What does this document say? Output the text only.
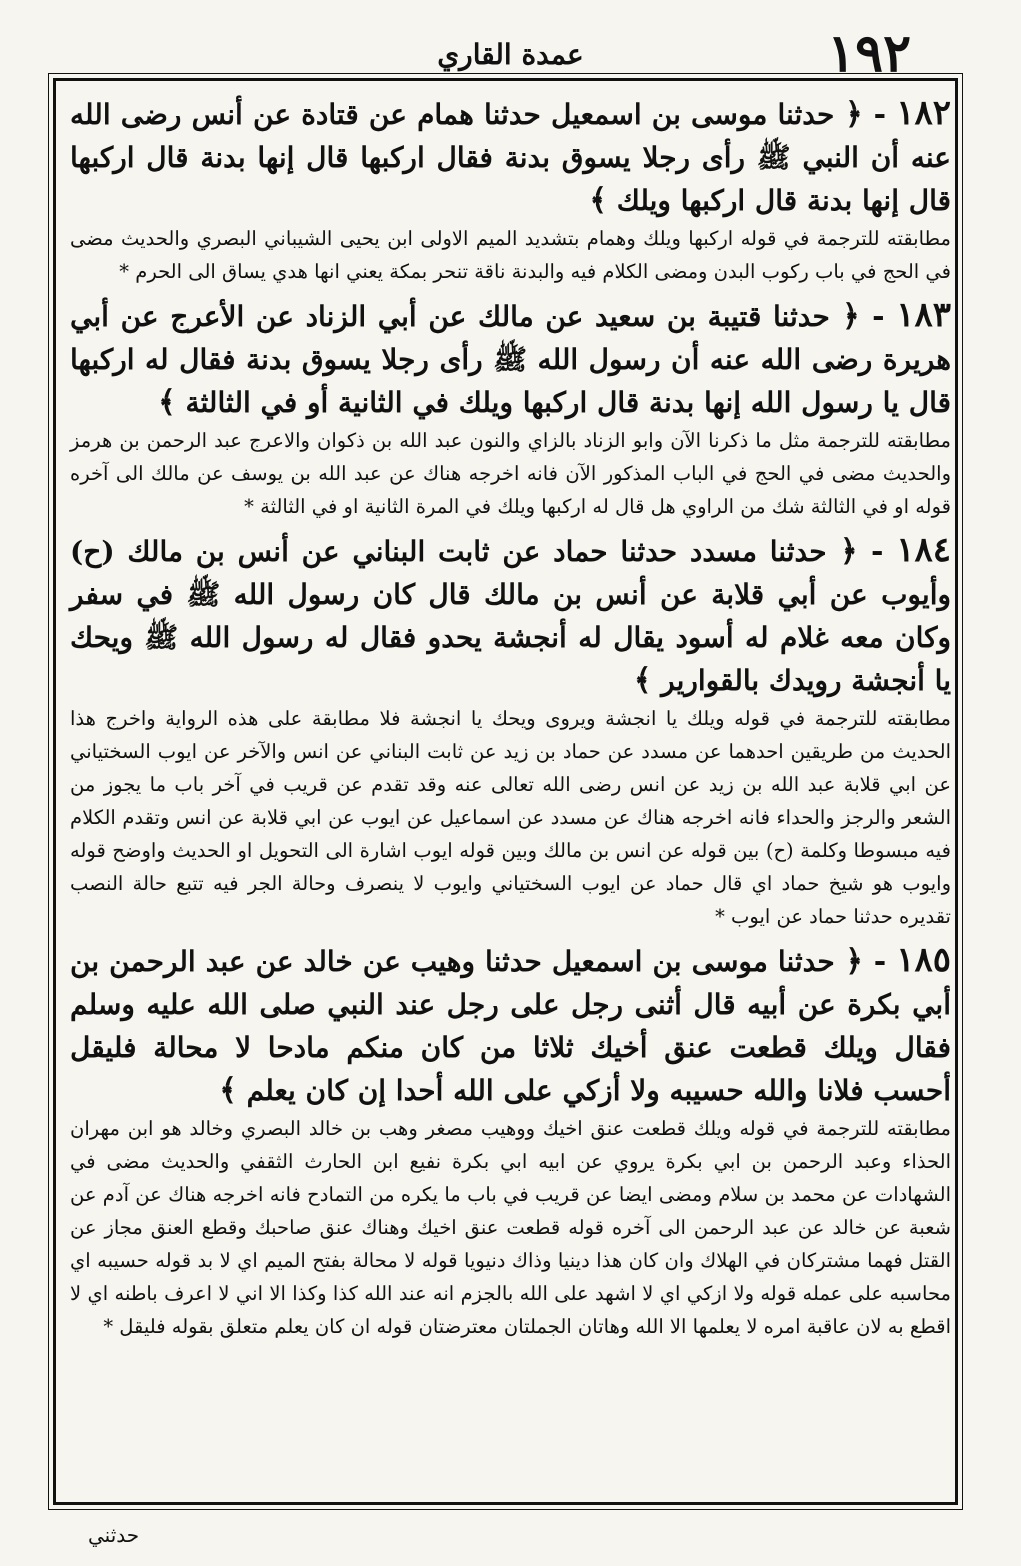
١٩٢
عمدة القاري

١٨٢ - ﴿ حدثنا موسى بن اسمعيل حدثنا همام عن قتادة عن أنس رضى الله عنه أن النبي ﷺ رأى رجلا يسوق بدنة فقال اركبها قال إنها بدنة قال اركبها قال إنها بدنة قال اركبها ويلك ﴾

مطابقته للترجمة في قوله اركبها ويلك وهمام بتشديد الميم الاولى ابن يحيى الشيباني البصري والحديث مضى في الحج في باب ركوب البدن ومضى الكلام فيه والبدنة ناقة تنحر بمكة يعني انها هدي يساق الى الحرم *

١٨٣ - ﴿ حدثنا قتيبة بن سعيد عن مالك عن أبي الزناد عن الأعرج عن أبي هريرة رضى الله عنه أن رسول الله ﷺ رأى رجلا يسوق بدنة فقال له اركبها قال يا رسول الله إنها بدنة قال اركبها ويلك في الثانية أو في الثالثة ﴾

مطابقته للترجمة مثل ما ذكرنا الآن وابو الزناد بالزاي والنون عبد الله بن ذكوان والاعرج عبد الرحمن بن هرمز والحديث مضى في الحج في الباب المذكور الآن فانه اخرجه هناك عن عبد الله بن يوسف عن مالك الى آخره قوله او في الثالثة شك من الراوي هل قال له اركبها ويلك في المرة الثانية او في الثالثة *

١٨٤ - ﴿ حدثنا مسدد حدثنا حماد عن ثابت البناني عن أنس بن مالك (ح) وأيوب عن أبي قلابة عن أنس بن مالك قال كان رسول الله ﷺ في سفر وكان معه غلام له أسود يقال له أنجشة يحدو فقال له رسول الله ﷺ ويحك يا أنجشة رويدك بالقوارير ﴾

مطابقته للترجمة في قوله ويلك يا انجشة ويروى ويحك يا انجشة فلا مطابقة على هذه الرواية واخرج هذا الحديث من طريقين احدهما عن مسدد عن حماد بن زيد عن ثابت البناني عن انس والآخر عن ايوب السختياني عن ابي قلابة عبد الله بن زيد عن انس رضى الله تعالى عنه وقد تقدم عن قريب في آخر باب ما يجوز من الشعر والرجز والحداء فانه اخرجه هناك عن مسدد عن اسماعيل عن ايوب عن ابي قلابة عن انس وتقدم الكلام فيه مبسوطا وكلمة (ح) بين قوله عن انس بن مالك وبين قوله ايوب اشارة الى التحويل او الحديث واوضح قوله وايوب هو شيخ حماد اي قال حماد عن ايوب السختياني وايوب لا ينصرف وحالة الجر فيه تتبع حالة النصب تقديره حدثنا حماد عن ايوب *

١٨٥ - ﴿ حدثنا موسى بن اسمعيل حدثنا وهيب عن خالد عن عبد الرحمن بن أبي بكرة عن أبيه قال أثنى رجل على رجل عند النبي صلى الله عليه وسلم فقال ويلك قطعت عنق أخيك ثلاثا من كان منكم مادحا لا محالة فليقل أحسب فلانا والله حسيبه ولا أزكي على الله أحدا إن كان يعلم ﴾

مطابقته للترجمة في قوله ويلك قطعت عنق اخيك ووهيب مصغر وهب بن خالد البصري وخالد هو ابن مهران الحذاء وعبد الرحمن بن ابي بكرة يروي عن ابيه ابي بكرة نفيع ابن الحارث الثقفي والحديث مضى في الشهادات عن محمد بن سلام ومضى ايضا عن قريب في باب ما يكره من التمادح فانه اخرجه هناك عن آدم عن شعبة عن خالد عن عبد الرحمن الى آخره قوله قطعت عنق اخيك وهناك عنق صاحبك وقطع العنق مجاز عن القتل فهما مشتركان في الهلاك وان كان هذا دينيا وذاك دنيويا قوله لا محالة بفتح الميم اي لا بد قوله حسيبه اي محاسبه على عمله قوله ولا ازكي اي لا اشهد على الله بالجزم انه عند الله كذا وكذا الا اني لا اعرف باطنه اي لا اقطع به لان عاقبة امره لا يعلمها الا الله وهاتان الجملتان معترضتان قوله ان كان يعلم متعلق بقوله فليقل *

حدثني
